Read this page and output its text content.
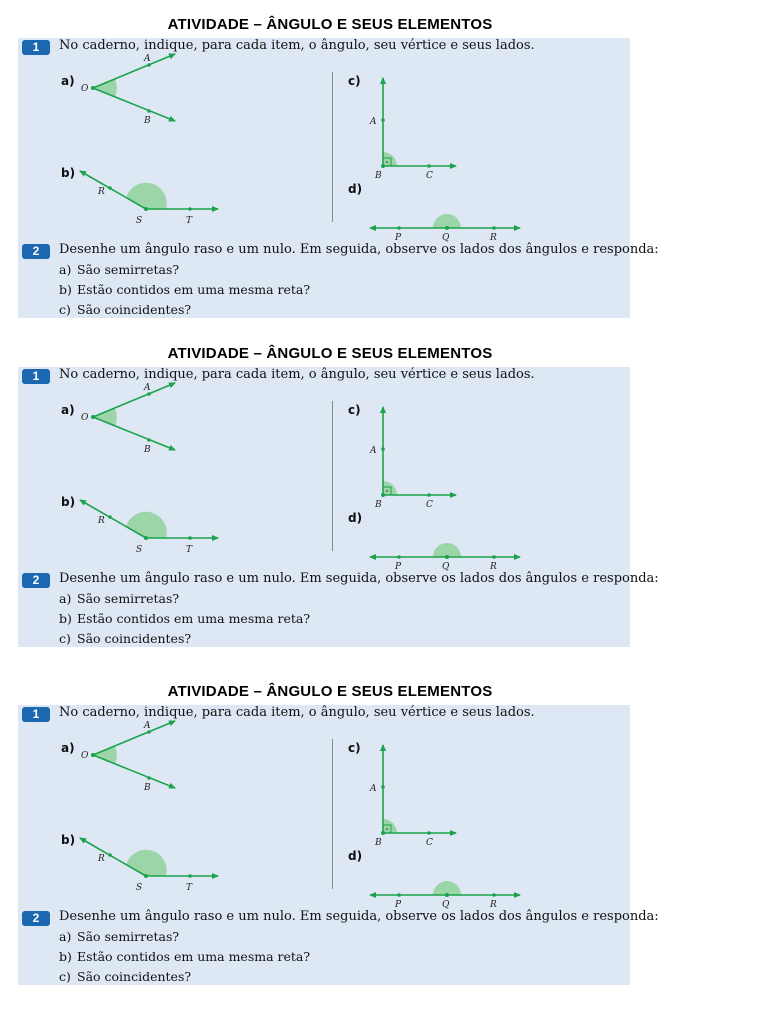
ATIVIDADE – ÂNGULO E SEUS ELEMENTOS
1	No caderno, indique, para cada item, o ângulo, seu vértice e seus lados.
a)
b)
c)
d)
O
A
B
R
S	T
A
B	C
P	Q	R
2	Desenhe um ângulo raso e um nulo. Em seguida, observe os lados dos ângulos e responda:
a) São semirretas?
b) Estão contidos em uma mesma reta?
c) São coincidentes?
ATIVIDADE – ÂNGULO E SEUS ELEMENTOS
1	No caderno, indique, para cada item, o ângulo, seu vértice e seus lados.
a)
b)
c)
d)
O
A
B
R
S	T
A
B	C
P	Q	R
2	Desenhe um ângulo raso e um nulo. Em seguida, observe os lados dos ângulos e responda:
a) São semirretas?
b) Estão contidos em uma mesma reta?
c) São coincidentes?
ATIVIDADE – ÂNGULO E SEUS ELEMENTOS
1	No caderno, indique, para cada item, o ângulo, seu vértice e seus lados.
a)
b)
c)
d)
O
A
B
R
S	T
A
B	C
P	Q	R
2	Desenhe um ângulo raso e um nulo. Em seguida, observe os lados dos ângulos e responda:
a) São semirretas?
b) Estão contidos em uma mesma reta?
c) São coincidentes?
